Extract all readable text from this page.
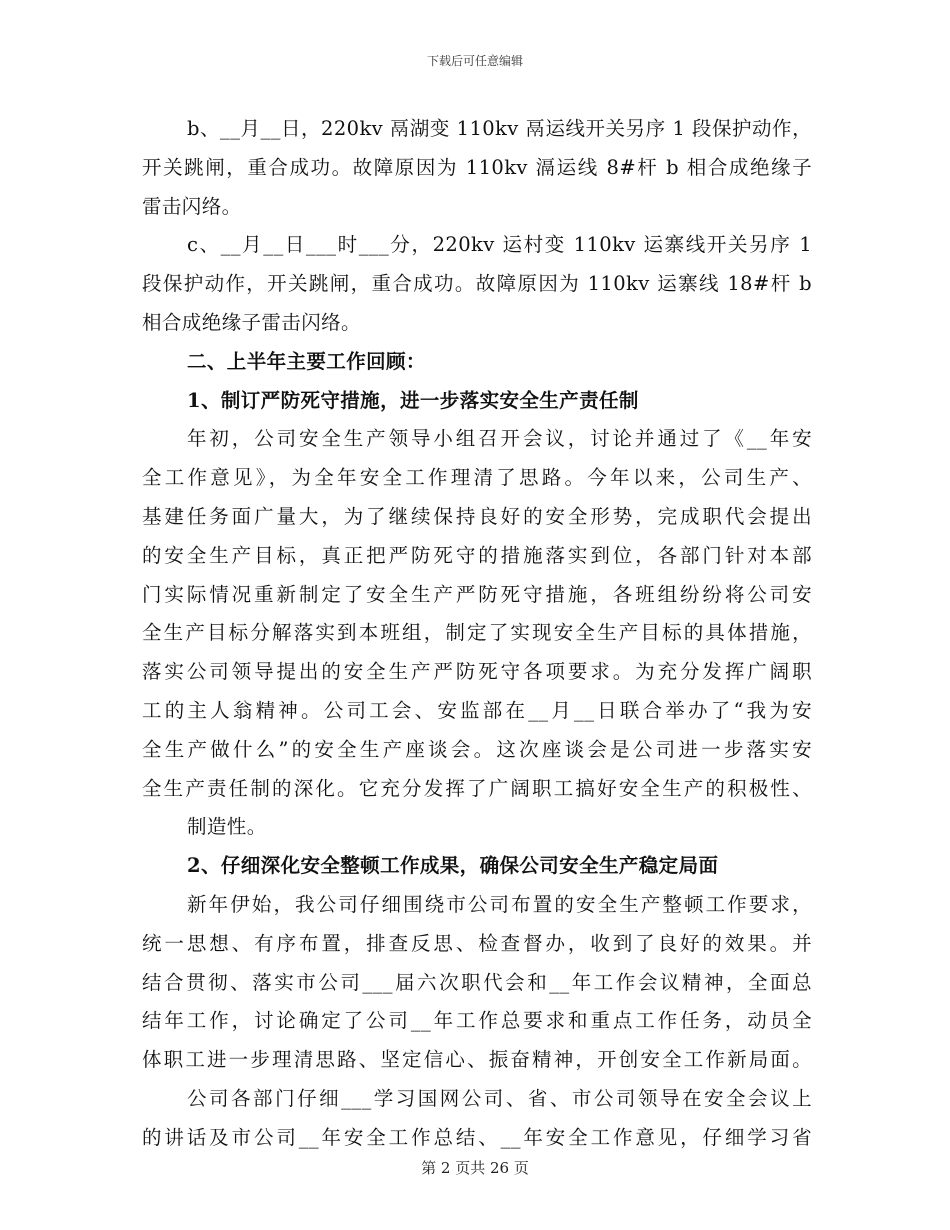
下载后可任意编辑
b、__月__日，220kv 鬲湖变 110kv 鬲运线开关另序 1 段保护动作，
开关跳闸，重合成功。故障原因为 110kv 滆运线 8#杆 b 相合成绝缘子
雷击闪络。
c、__月__日___时___分，220kv 运村变 110kv 运寨线开关另序 1
段保护动作，开关跳闸，重合成功。故障原因为 110kv 运寨线 18#杆 b
相合成绝缘子雷击闪络。
二、上半年主要工作回顾：
1、制订严防死守措施，进一步落实安全生产责任制
年初，公司安全生产领导小组召开会议，讨论并通过了《__年安
全工作意见》，为全年安全工作理清了思路。今年以来，公司生产、
基建任务面广量大，为了继续保持良好的安全形势，完成职代会提出
的安全生产目标，真正把严防死守的措施落实到位，各部门针对本部
门实际情况重新制定了安全生产严防死守措施，各班组纷纷将公司安
全生产目标分解落实到本班组，制定了实现安全生产目标的具体措施，
落实公司领导提出的安全生产严防死守各项要求。为充分发挥广阔职
工的主人翁精神。公司工会、安监部在__月__日联合举办了“我为安
全生产做什么”的安全生产座谈会。这次座谈会是公司进一步落实安
全生产责任制的深化。它充分发挥了广阔职工搞好安全生产的积极性、
制造性。
2、仔细深化安全整顿工作成果，确保公司安全生产稳定局面
新年伊始，我公司仔细围绕市公司布置的安全生产整顿工作要求，
统一思想、有序布置，排查反思、检查督办，收到了良好的效果。并
结合贯彻、落实市公司___届六次职代会和__年工作会议精神，全面总
结年工作，讨论确定了公司__年工作总要求和重点工作任务，动员全
体职工进一步理清思路、坚定信心、振奋精神，开创安全工作新局面。
公司各部门仔细___学习国网公司、省、市公司领导在安全会议上
的讲话及市公司__年安全工作总结、__年安全工作意见，仔细学习省
第 2 页共 26 页
